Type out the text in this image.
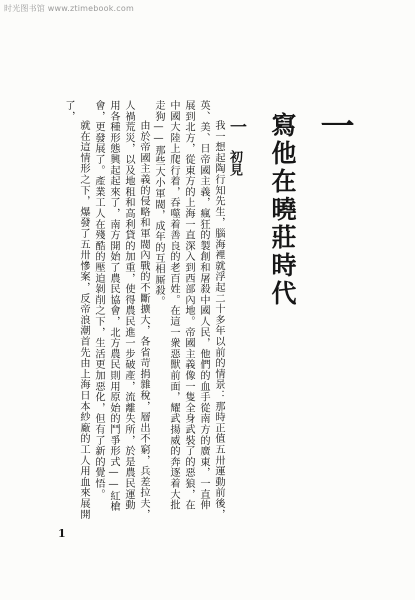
时光图书馆 www.ztimebook.com
一
寫他在曉莊時代
一
初見

我一想起陶行知先生，腦海裡就浮起二十多年以前的情景：那時正值五卅運動前後，英、美、日帝國主義，瘋狂的製創和屠殺中國人民，他們的血手從南方的廣東，一直伸展到北方，從東方的上海一直深入到西部內地。帝國主義像一隻全身武裝了的惡狼，在中國大陸上爬行着，吞噬着善良的老百姓。在這一衆惡獸前面，耀武揚威的奔逐着大批走狗——那些大小軍閥，成年的互相厮殺。

由於帝國主義的侵略和軍閥內戰的不斷擴大，各省苛捐雜稅，層出不窮，兵差拉夫，人禍荒災，以及地租和高利貸的加重，使得農民進一步破產，流離失所，於是農民運動用各種形態興起起來了，南方開始了農民協會，北方農民則用原始的鬥爭形式——紅槍會，更發展了。產業工人在殘酷的壓迫剝削之下，生活更加惡化，但有了新的覺悟。

就在這情形之下，爆發了五卅慘案，反帝浪潮首先由上海日本紗廠的工人用血來展開了，

1
